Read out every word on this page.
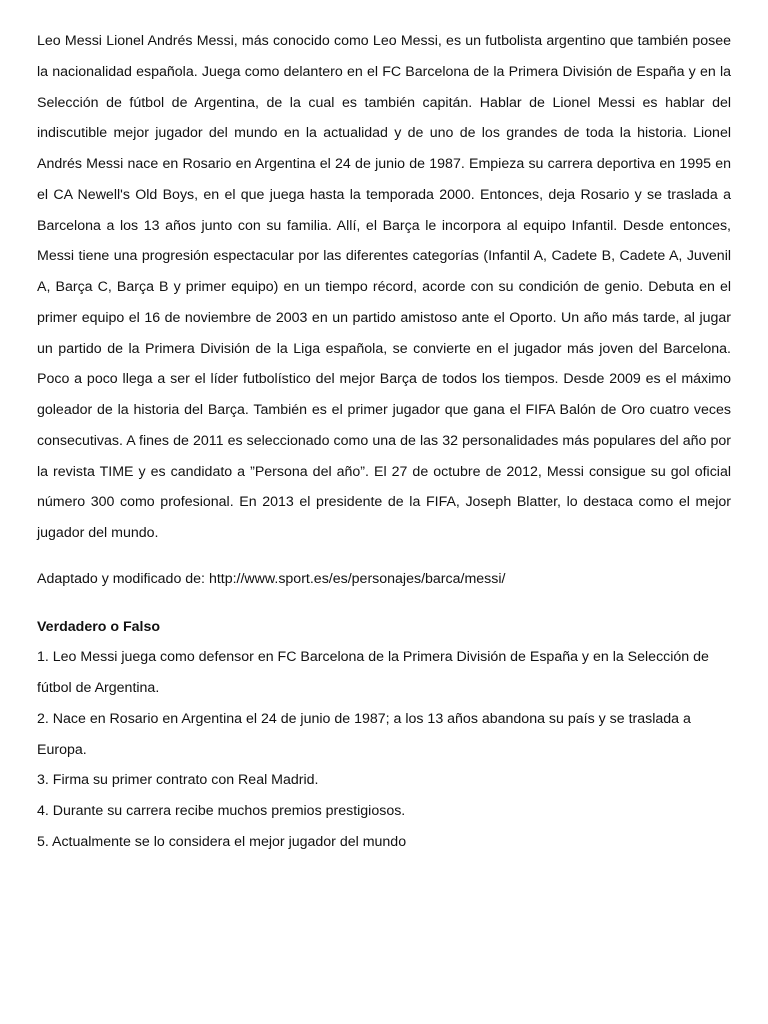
Leo Messi Lionel Andrés Messi, más conocido como Leo Messi, es un futbolista argentino que también posee la nacionalidad española. Juega como delantero en el FC Barcelona de la Primera División de España y en la Selección de fútbol de Argentina, de la cual es también capitán. Hablar de Lionel Messi es hablar del indiscutible mejor jugador del mundo en la actualidad y de uno de los grandes de toda la historia. Lionel Andrés Messi nace en Rosario en Argentina el 24 de junio de 1987. Empieza su carrera deportiva en 1995 en el CA Newell's Old Boys, en el que juega hasta la temporada 2000. Entonces, deja Rosario y se traslada a Barcelona a los 13 años junto con su familia. Allí, el Barça le incorpora al equipo Infantil. Desde entonces, Messi tiene una progresión espectacular por las diferentes categorías (Infantil A, Cadete B, Cadete A, Juvenil A, Barça C, Barça B y primer equipo) en un tiempo récord, acorde con su condición de genio. Debuta en el primer equipo el 16 de noviembre de 2003 en un partido amistoso ante el Oporto. Un año más tarde, al jugar un partido de la Primera División de la Liga española, se convierte en el jugador más joven del Barcelona. Poco a poco llega a ser el líder futbolístico del mejor Barça de todos los tiempos. Desde 2009 es el máximo goleador de la historia del Barça. También es el primer jugador que gana el FIFA Balón de Oro cuatro veces consecutivas. A fines de 2011 es seleccionado como una de las 32 personalidades más populares del año por la revista TIME y es candidato a ”Persona del año”. El 27 de octubre de 2012, Messi consigue su gol oficial número 300 como profesional. En 2013 el presidente de la FIFA, Joseph Blatter, lo destaca como el mejor jugador del mundo.

Adaptado y modificado de: http://www.sport.es/es/personajes/barca/messi/

Verdadero o Falso

1. Leo Messi juega como defensor en FC Barcelona de la Primera División de España y en la Selección de fútbol de Argentina.
2. Nace en Rosario en Argentina el 24 de junio de 1987; a los 13 años abandona su país y se traslada a Europa.
3. Firma su primer contrato con Real Madrid.
4. Durante su carrera recibe muchos premios prestigiosos.
5. Actualmente se lo considera el mejor jugador del mundo
